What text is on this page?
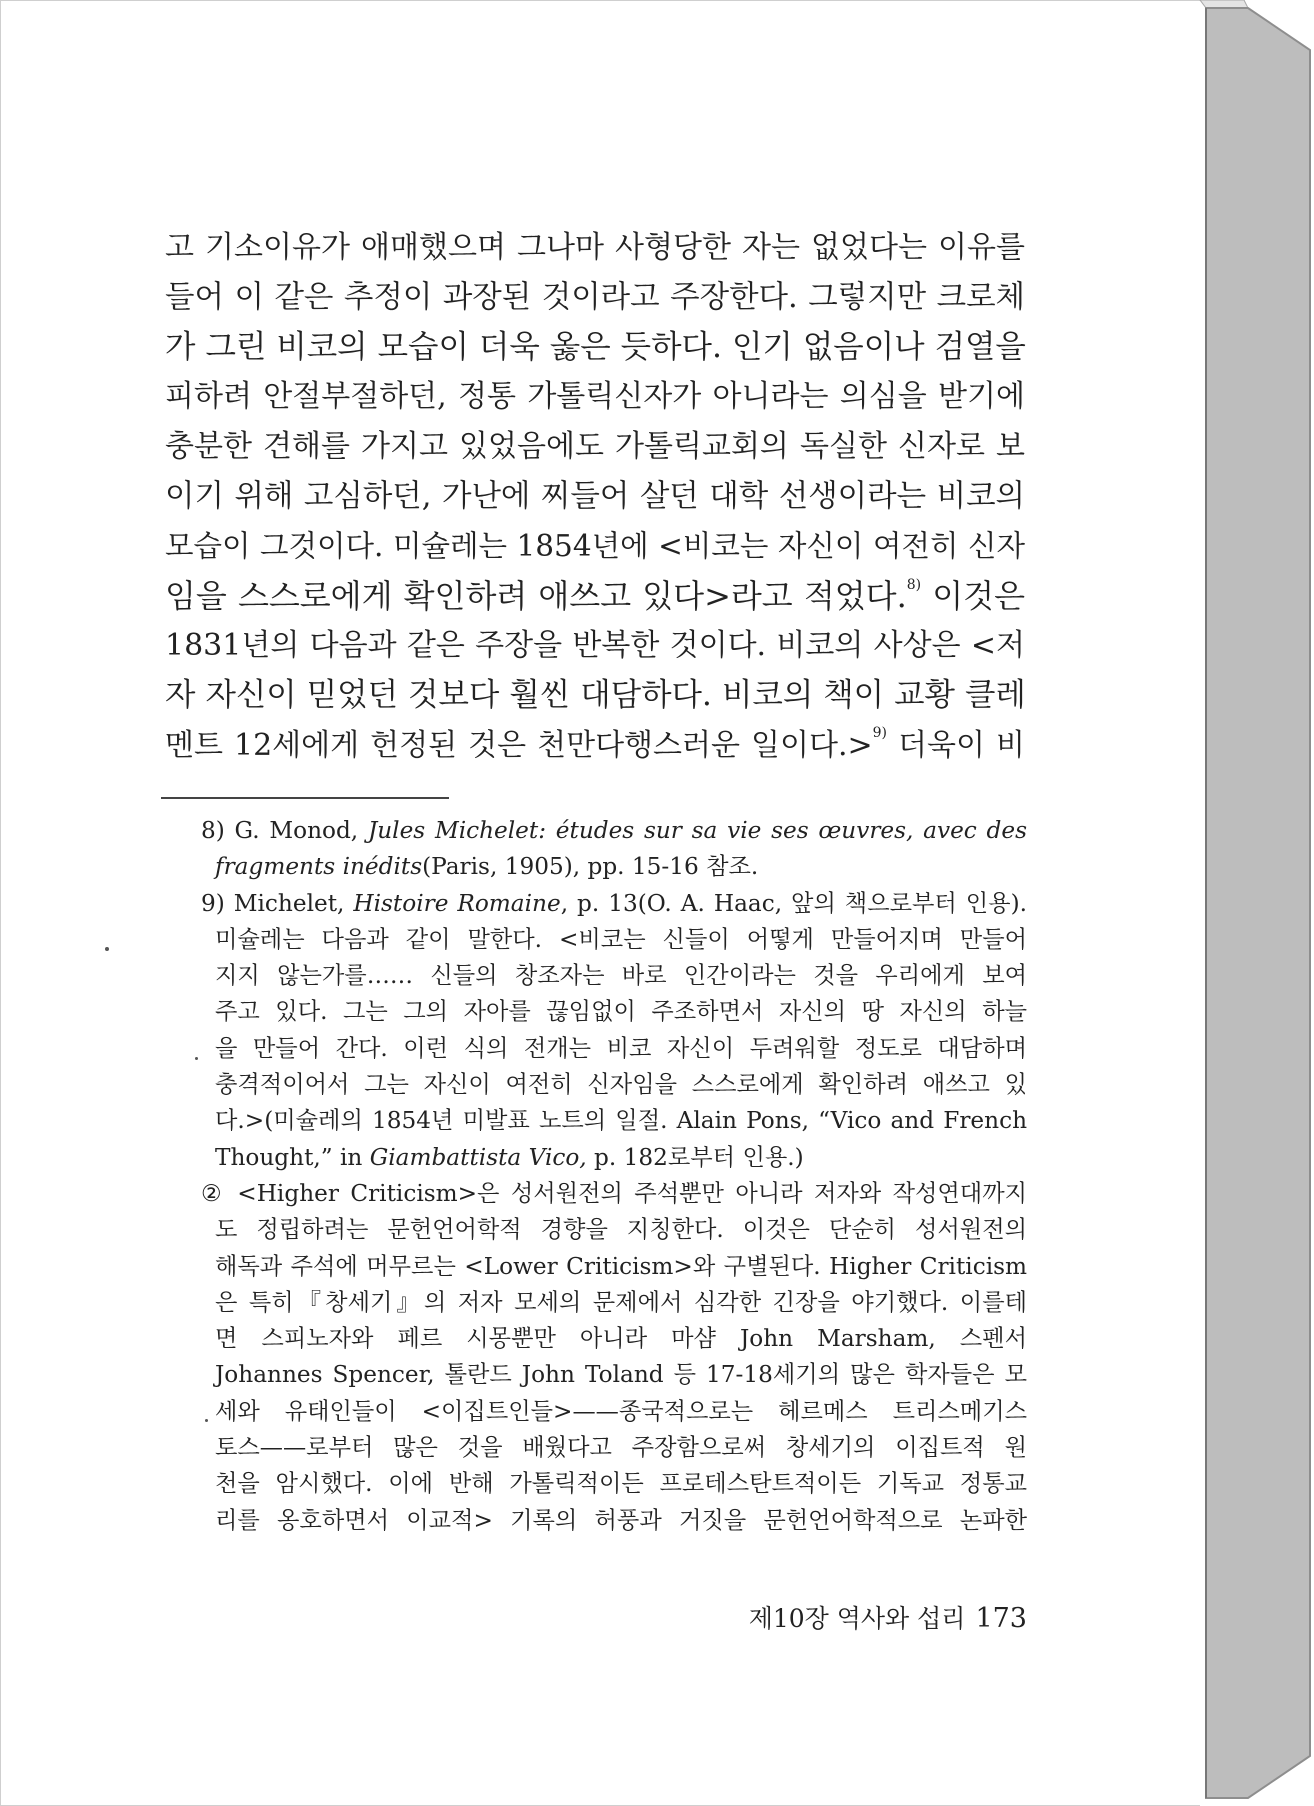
고 기소이유가 애매했으며 그나마 사형당한 자는 없었다는 이유를
들어 이 같은 추정이 과장된 것이라고 주장한다. 그렇지만 크로체
가 그린 비코의 모습이 더욱 옳은 듯하다. 인기 없음이나 검열을
피하려 안절부절하던, 정통 가톨릭신자가 아니라는 의심을 받기에
충분한 견해를 가지고 있었음에도 가톨릭교회의 독실한 신자로 보
이기 위해 고심하던, 가난에 찌들어 살던 대학 선생이라는 비코의
모습이 그것이다. 미슐레는 1854년에 <비코는 자신이 여전히 신자
임을 스스로에게 확인하려 애쓰고 있다>라고 적었다.$^{8)}$ 이것은
1831년의 다음과 같은 주장을 반복한 것이다. 비코의 사상은 <저
자 자신이 믿었던 것보다 훨씬 대담하다. 비코의 책이 교황 클레
멘트 12세에게 헌정된 것은 천만다행스러운 일이다.>$^{9)}$ 더욱이 비
8) G. Monod, Jules Michelet: études sur sa vie ses œuvres, avec des
fragments inédits(Paris, 1905), pp. 15-16 참조.
9) Michelet, Histoire Romaine, p. 13(O. A. Haac, 앞의 책으로부터 인용).
미슐레는 다음과 같이 말한다. <비코는 신들이 어떻게 만들어지며 만들어
지지 않는가를…… 신들의 창조자는 바로 인간이라는 것을 우리에게 보여
주고 있다. 그는 그의 자아를 끊임없이 주조하면서 자신의 땅 자신의 하늘
을 만들어 간다. 이런 식의 전개는 비코 자신이 두려워할 정도로 대담하며
충격적이어서 그는 자신이 여전히 신자임을 스스로에게 확인하려 애쓰고 있
다.>(미슐레의 1854년 미발표 노트의 일절. Alain Pons, “Vico and French
Thought,” in Giambattista Vico, p. 182로부터 인용.)
② <Higher Criticism>은 성서원전의 주석뿐만 아니라 저자와 작성연대까지
도 정립하려는 문헌언어학적 경향을 지칭한다. 이것은 단순히 성서원전의
해독과 주석에 머무르는 <Lower Criticism>와 구별된다. Higher Criticism
은 특히『창세기』의 저자 모세의 문제에서 심각한 긴장을 야기했다. 이를테
면 스피노자와 페르 시몽뿐만 아니라 마샴 John Marsham, 스펜서
Johannes Spencer, 톨란드 John Toland 등 17-18세기의 많은 학자들은 모
세와 유태인들이 <이집트인들>——종국적으로는 헤르메스 트리스메기스
토스——로부터 많은 것을 배웠다고 주장함으로써 창세기의 이집트적 원
천을 암시했다. 이에 반해 가톨릭적이든 프로테스탄트적이든 기독교 정통교
리를 옹호하면서 이교적> 기록의 허풍과 거짓을 문헌언어학적으로 논파한
제10장 역사와 섭리 173
